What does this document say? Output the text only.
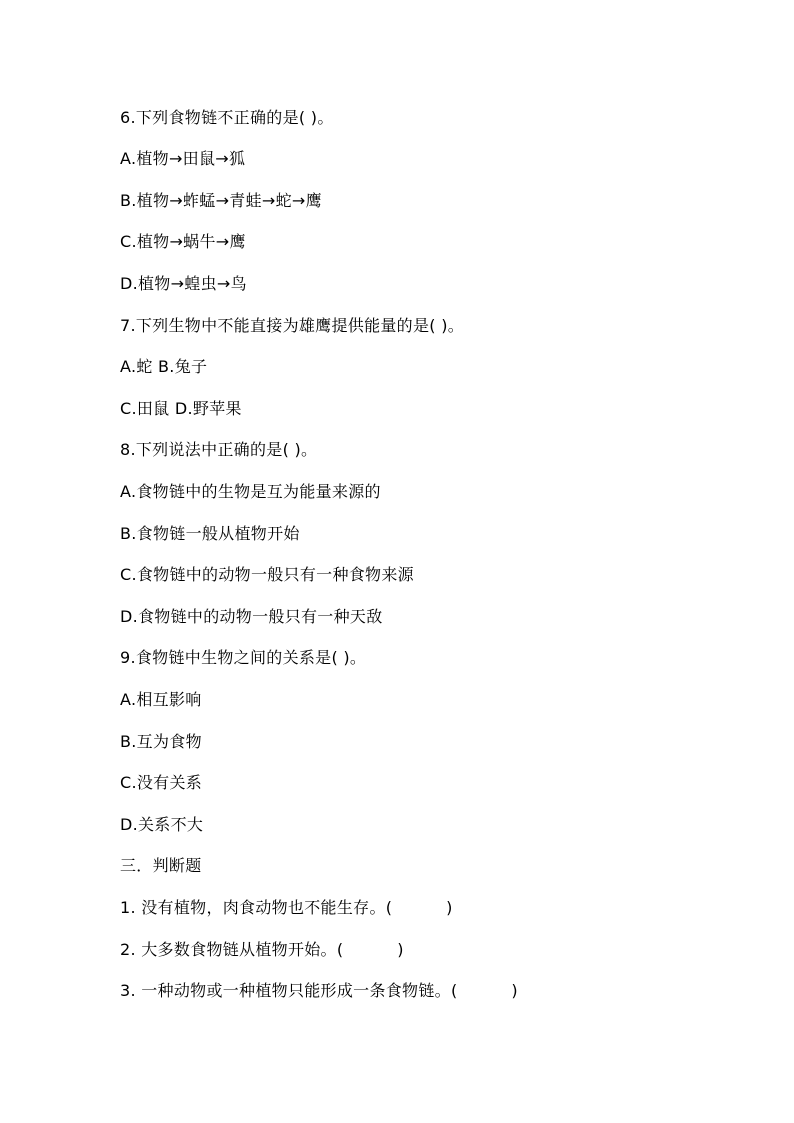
6.下列食物链不正确的是( )。
A.植物→田鼠→狐
B.植物→蚱蜢→青蛙→蛇→鹰
C.植物→蜗牛→鹰
D.植物→蝗虫→鸟
7.下列生物中不能直接为雄鹰提供能量的是( )。
A.蛇 B.兔子
C.田鼠 D.野苹果
8.下列说法中正确的是( )。
A.食物链中的生物是互为能量来源的
B.食物链一般从植物开始
C.食物链中的动物一般只有一种食物来源
D.食物链中的动物一般只有一种天敌
9.食物链中生物之间的关系是( )。
A.相互影响
B.互为食物
C.没有关系
D.关系不大
三．判断题
1. 没有植物，肉食动物也不能生存。(          )
2. 大多数食物链从植物开始。(          )
3. 一种动物或一种植物只能形成一条食物链。(          )
